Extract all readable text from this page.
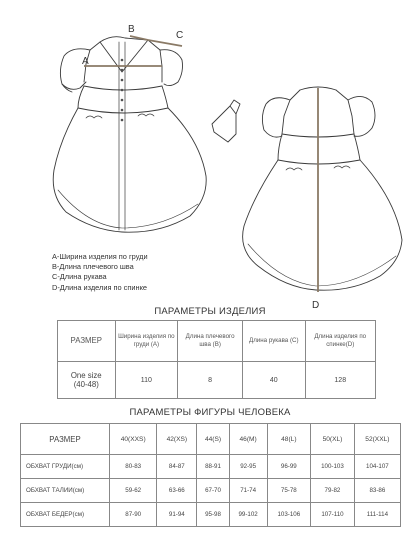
A
B
C
D
A-Ширина изделия по груди
B-Длина плечевого шва
C-Длина рукава
D-Длина изделия по спинке
ПАРАМЕТРЫ ИЗДЕЛИЯ
РАЗМЕР	Ширина изделия по груди (А)	Длина плечевого шва (В)	Длина рукава (С)	Длина изделия по спинке(D)

One size
(40-48)	110	8	40	128
ПАРАМЕТРЫ ФИГУРЫ ЧЕЛОВЕКА
РАЗМЕР	40(XXS)	42(XS)	44(S)	46(M)	48(L)	50(XL)	52(XXL)
ОБХВАТ ГРУДИ(см)	80-83	84-87	88-91	92-95	96-99	100-103	104-107
ОБХВАТ ТАЛИИ(см)	59-62	63-66	67-70	71-74	75-78	79-82	83-86
ОБХВАТ БЕДЕР(см)	87-90	91-94	95-98	99-102	103-106	107-110	111-114
